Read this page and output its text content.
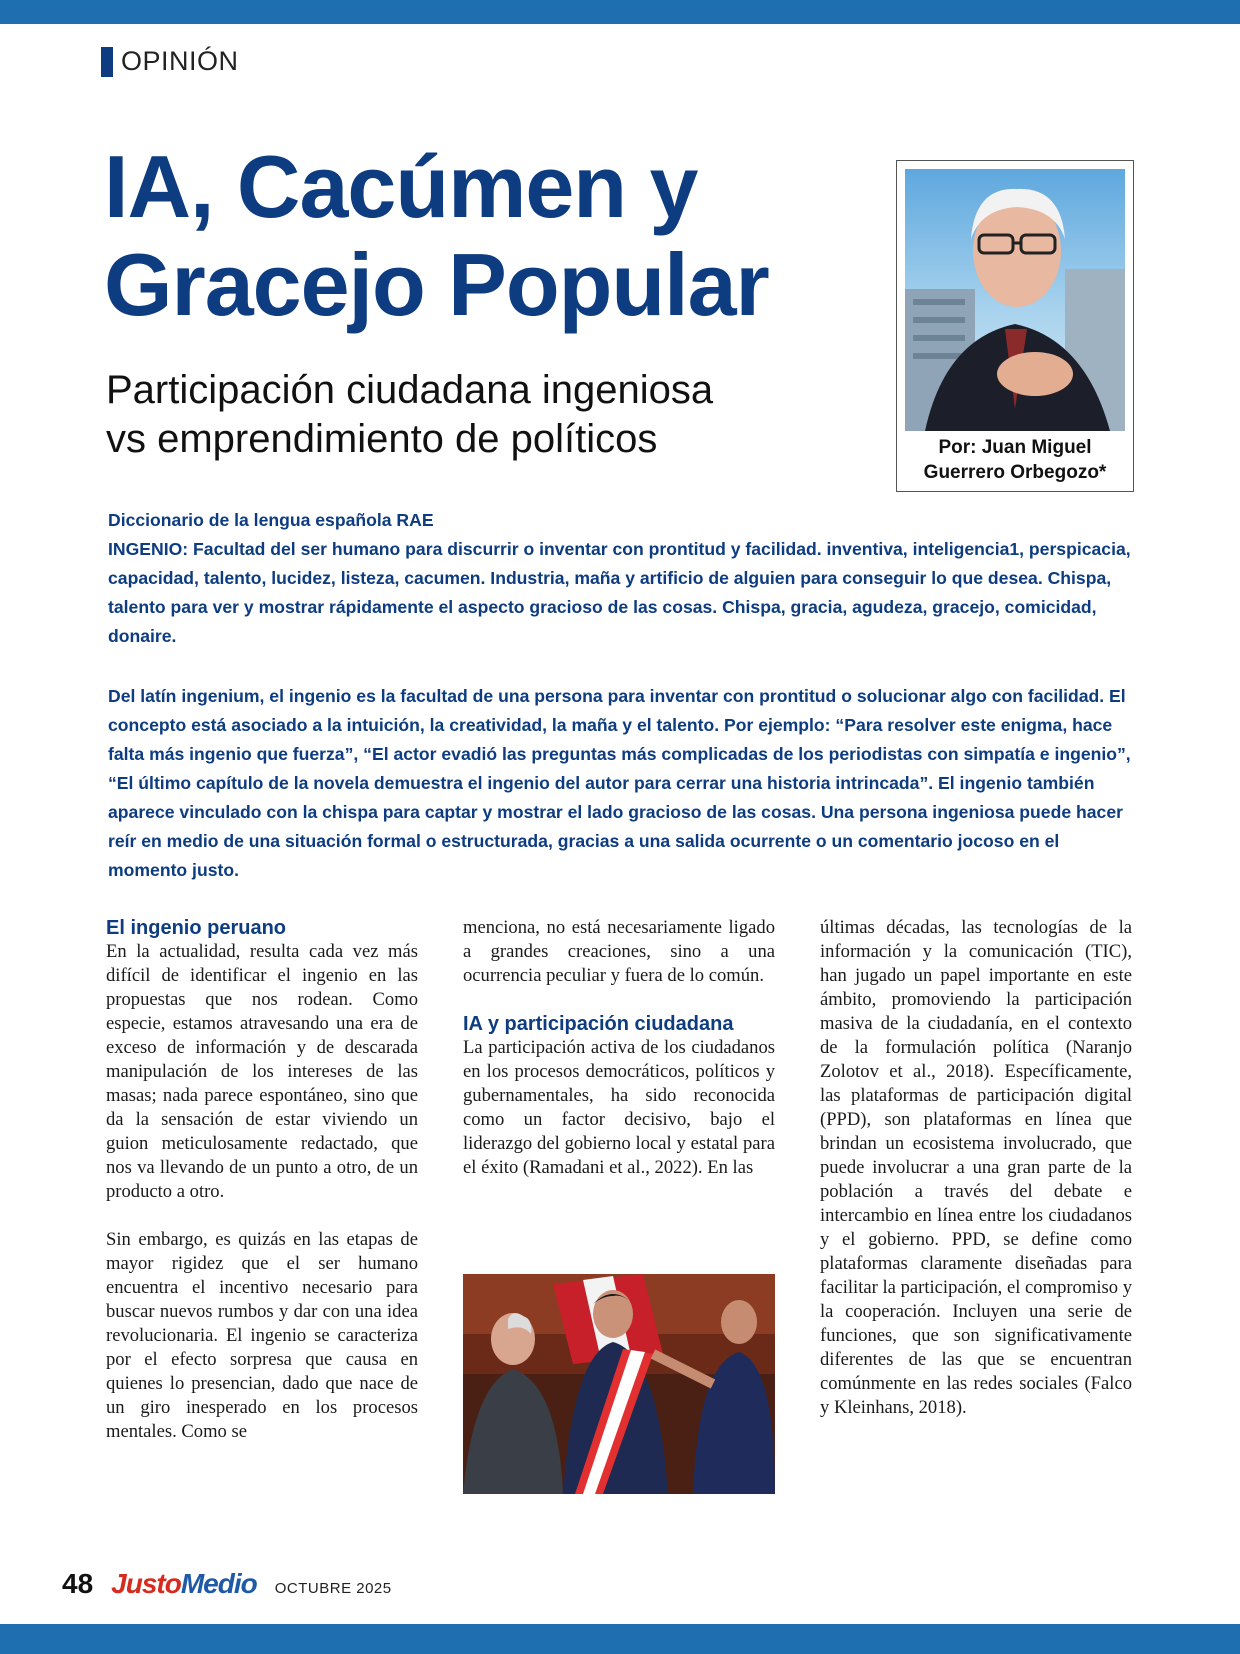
OPINIÓN
IA, Cacúmen y
Gracejo Popular
Participación ciudadana ingeniosa
vs emprendimiento de políticos	Por: Juan Miguel
Guerrero Orbegozo*

Diccionario de la lengua española RAE

INGENIO: Facultad del ser humano para discurrir o inventar con prontitud y facilidad. inventiva, inteligencia1, perspicacia, capacidad, talento, lucidez, listeza, cacumen. Industria, maña y artificio de alguien para conseguir lo que desea. Chispa, talento para ver y mostrar rápidamente el aspecto gracioso de las cosas. Chispa, gracia, agudeza, gracejo, comicidad, donaire.

Del latín ingenium, el ingenio es la facultad de una persona para inventar con prontitud o solucionar algo con facilidad. El concepto está asociado a la intuición, la creatividad, la maña y el talento. Por ejemplo: “Para resolver este enigma, hace falta más ingenio que fuerza”, “El actor evadió las preguntas más complicadas de los periodistas con simpatía e ingenio”, “El último capítulo de la novela demuestra el ingenio del autor para cerrar una historia intrincada”. El ingenio también aparece vinculado con la chispa para captar y mostrar el lado gracioso de las cosas. Una persona ingeniosa puede hacer reír en medio de una situación formal o estructurada, gracias a una salida ocurrente o un comentario jocoso en el momento justo.

El ingenio peruano

En la actualidad, resulta cada vez más difícil de identificar el ingenio en las propuestas que nos rodean. Como especie, estamos atravesando una era de exceso de información y de descarada manipulación de los intereses de las masas; nada parece espontáneo, sino que da la sensación de estar viviendo un guion meticulosamente redactado, que nos va llevando de un punto a otro, de un producto a otro.

Sin embargo, es quizás en las etapas de mayor rigidez que el ser humano encuentra el incentivo necesario para buscar nuevos rumbos y dar con una idea revolucionaria. El ingenio se caracteriza por el efecto sorpresa que causa en quienes lo presencian, dado que nace de un giro inesperado en los procesos mentales. Como se

menciona, no está necesariamente ligado a grandes creaciones, sino a una ocurrencia peculiar y fuera de lo común.

IA y participación ciudadana

La participación activa de los ciudadanos en los procesos democráticos, políticos y gubernamentales, ha sido reconocida como un factor decisivo, bajo el liderazgo del gobierno local y estatal para el éxito (Ramadani et al., 2022). En las

últimas décadas, las tecnologías de la información y la comunicación (TIC), han jugado un papel importante en este ámbito, promoviendo la participación masiva de la ciudadanía, en el contexto de la formulación política (Naranjo Zolotov et al., 2018). Específicamente, las plataformas de participación digital (PPD), son plataformas en línea que brindan un ecosistema involucrado, que puede involucrar a una gran parte de la población a través del debate e intercambio en línea entre los ciudadanos y el gobierno. PPD, se define como plataformas claramente diseñadas para facilitar la participación, el compromiso y la cooperación. Incluyen una serie de funciones, que son significativamente diferentes de las que se encuentran comúnmente en las redes sociales (Falco y Kleinhans, 2018).

48 JustoMedio OCTUBRE 2025
